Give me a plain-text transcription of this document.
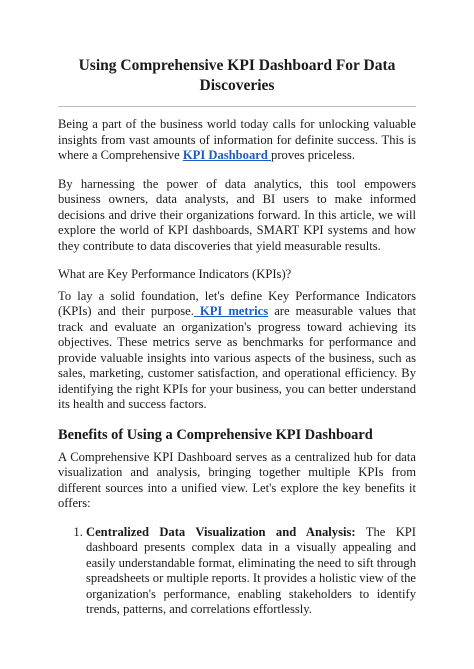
Using Comprehensive KPI Dashboard For Data Discoveries

Being a part of the business world today calls for unlocking valuable insights from vast amounts of information for definite success. This is where a Comprehensive KPI Dashboard proves priceless.

By harnessing the power of data analytics, this tool empowers business owners, data analysts, and BI users to make informed decisions and drive their organizations forward. In this article, we will explore the world of KPI dashboards, SMART KPI systems and how they contribute to data discoveries that yield measurable results.

What are Key Performance Indicators (KPIs)?

To lay a solid foundation, let's define Key Performance Indicators (KPIs) and their purpose. KPI metrics are measurable values that track and evaluate an organization's progress toward achieving its objectives. These metrics serve as benchmarks for performance and provide valuable insights into various aspects of the business, such as sales, marketing, customer satisfaction, and operational efficiency. By identifying the right KPIs for your business, you can better understand its health and success factors.

Benefits of Using a Comprehensive KPI Dashboard

A Comprehensive KPI Dashboard serves as a centralized hub for data visualization and analysis, bringing together multiple KPIs from different sources into a unified view. Let's explore the key benefits it offers:

1. Centralized Data Visualization and Analysis: The KPI dashboard presents complex data in a visually appealing and easily understandable format, eliminating the need to sift through spreadsheets or multiple reports. It provides a holistic view of the organization's performance, enabling stakeholders to identify trends, patterns, and correlations effortlessly.
